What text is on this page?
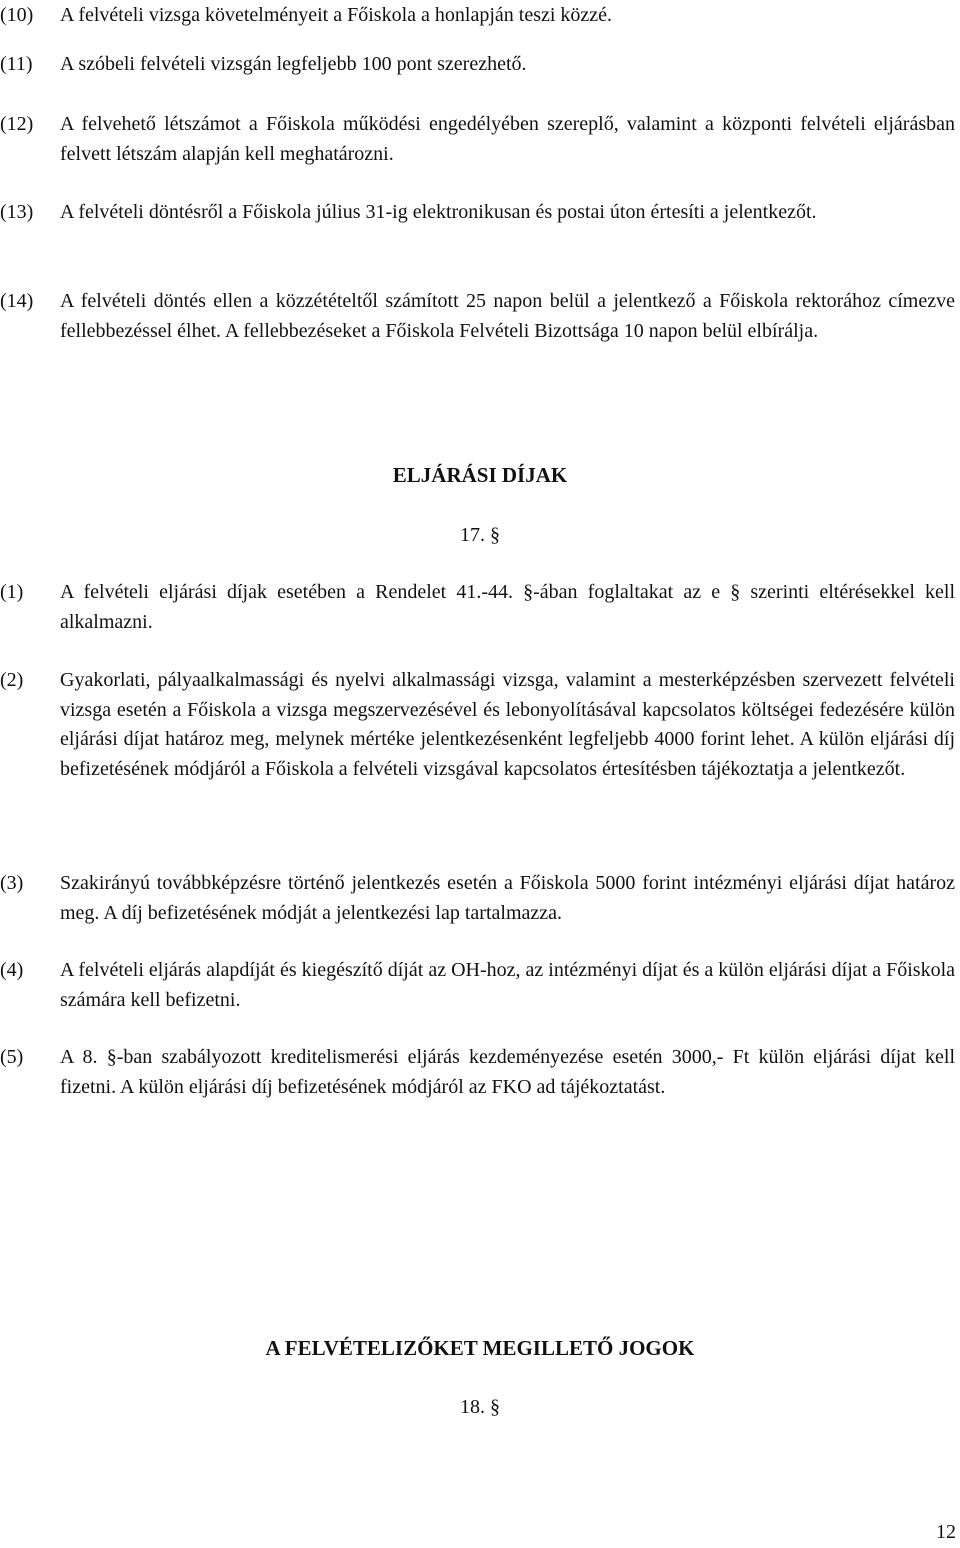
(10)	A felvételi vizsga követelményeit a Főiskola a honlapján teszi közzé.
(11)	A szóbeli felvételi vizsgán legfeljebb 100 pont szerezhető.
(12)	A felvehető létszámot a Főiskola működési engedélyében szereplő, valamint a központi felvételi eljárásban felvett létszám alapján kell meghatározni.
(13)	A felvételi döntésről a Főiskola július 31-ig elektronikusan és postai úton értesíti a jelentkezőt.
(14)	A felvételi döntés ellen a közzétételtől számított 25 napon belül a jelentkező a Főiskola rektorához címezve fellebbezéssel élhet. A fellebbezéseket a Főiskola Felvételi Bizottsága 10 napon belül elbírálja.
ELJÁRÁSI DÍJAK
17. §
(1)	A felvételi eljárási díjak esetében a Rendelet 41.-44. §-ában foglaltakat az e § szerinti eltérésekkel kell alkalmazni.
(2)	Gyakorlati, pályaalkalmassági és nyelvi alkalmassági vizsga, valamint a mesterképzésben szervezett felvételi vizsga esetén a Főiskola a vizsga megszervezésével és lebonyolításával kapcsolatos költségei fedezésére külön eljárási díjat határoz meg, melynek mértéke jelentkezésenként legfeljebb 4000 forint lehet. A külön eljárási díj befizetésének módjáról a Főiskola a felvételi vizsgával kapcsolatos értesítésben tájékoztatja a jelentkezőt.
(3)	Szakirányú továbbképzésre történő jelentkezés esetén a Főiskola 5000 forint intézményi eljárási díjat határoz meg. A díj befizetésének módját a jelentkezési lap tartalmazza.
(4)	A felvételi eljárás alapdíját és kiegészítő díját az OH-hoz, az intézményi díjat és a külön eljárási díjat a Főiskola számára kell befizetni.
(5)	A 8. §-ban szabályozott kreditelismerési eljárás kezdeményezése esetén 3000,- Ft külön eljárási díjat kell fizetni. A külön eljárási díj befizetésének módjáról az FKO ad tájékoztatást.
A FELVÉTELIZŐKET MEGILLETŐ JOGOK
18. §
12
